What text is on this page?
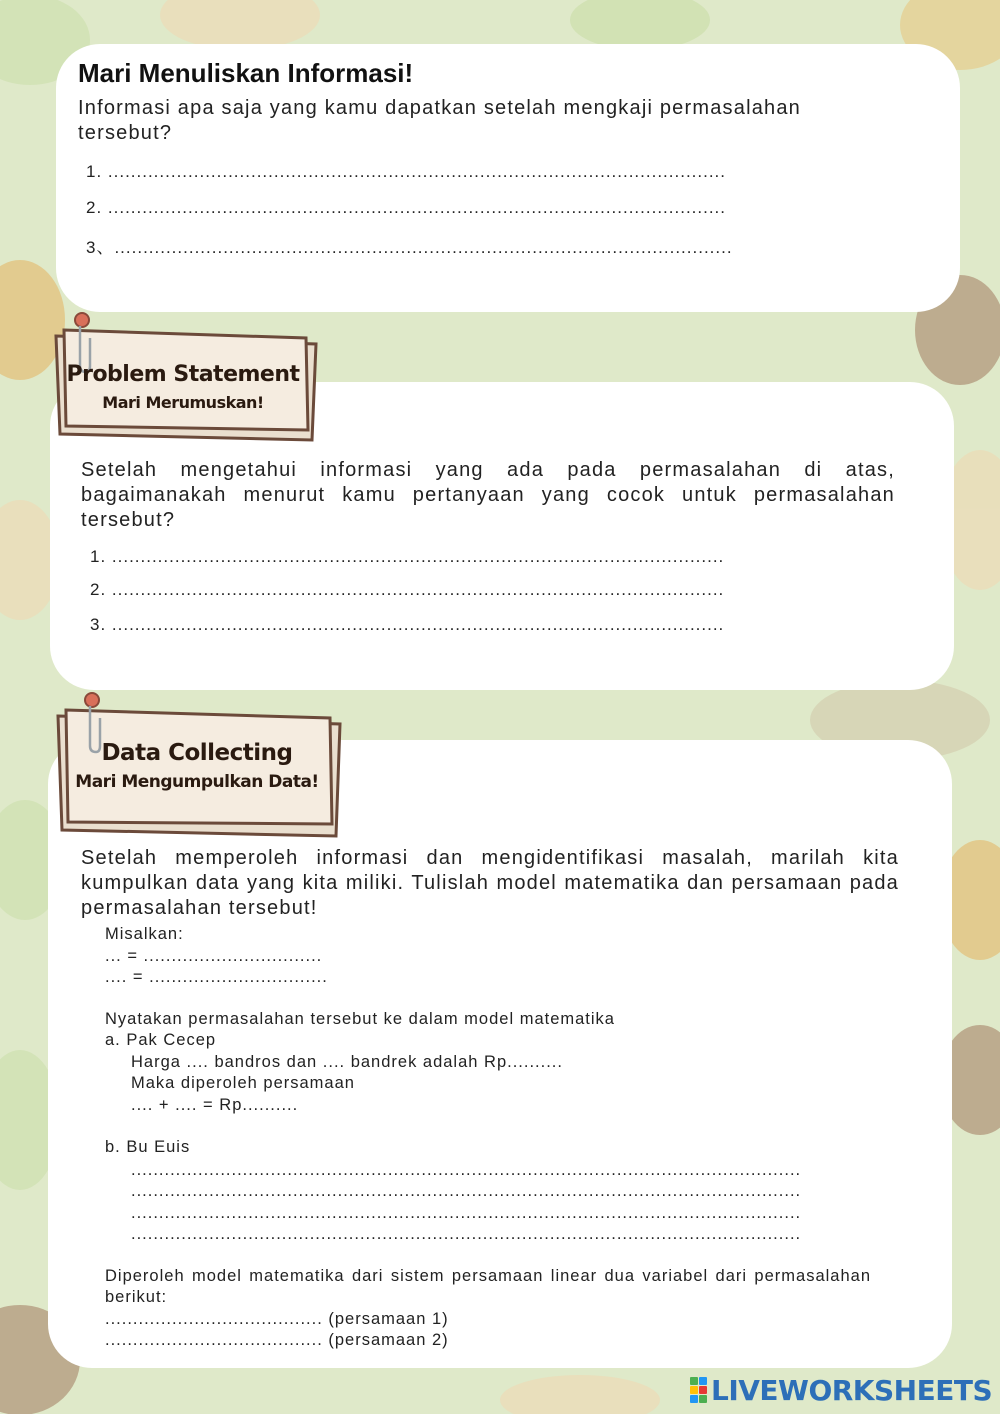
Mari Menuliskan Informasi!
Informasi apa saja yang kamu dapatkan setelah mengkaji permasalahan tersebut?
1. ............................................................................................................
2. ............................................................................................................
3、............................................................................................................
Problem Statement
Mari Merumuskan!
Setelah mengetahui informasi yang ada pada permasalahan di atas, bagaimanakah menurut kamu pertanyaan yang cocok untuk permasalahan tersebut?
1. ...........................................................................................................
2. ...........................................................................................................
3. ...........................................................................................................
Data Collecting
Mari Mengumpulkan Data!
Setelah memperoleh informasi dan mengidentifikasi masalah, marilah kita kumpulkan data yang kita miliki. Tulislah model matematika dan persamaan pada permasalahan tersebut!
Misalkan:
... = ................................
.... = ................................
Nyatakan permasalahan tersebut ke dalam model matematika
a. Pak Cecep
Harga .... bandros dan .... bandrek adalah Rp..........
Maka diperoleh persamaan
.... + .... = Rp..........
b. Bu Euis
........................................................................................................................
........................................................................................................................
........................................................................................................................
........................................................................................................................
Diperoleh model matematika dari sistem persamaan linear dua variabel dari permasalahan berikut:
....................................... (persamaan 1)
....................................... (persamaan 2)
LIVEWORKSHEETS
